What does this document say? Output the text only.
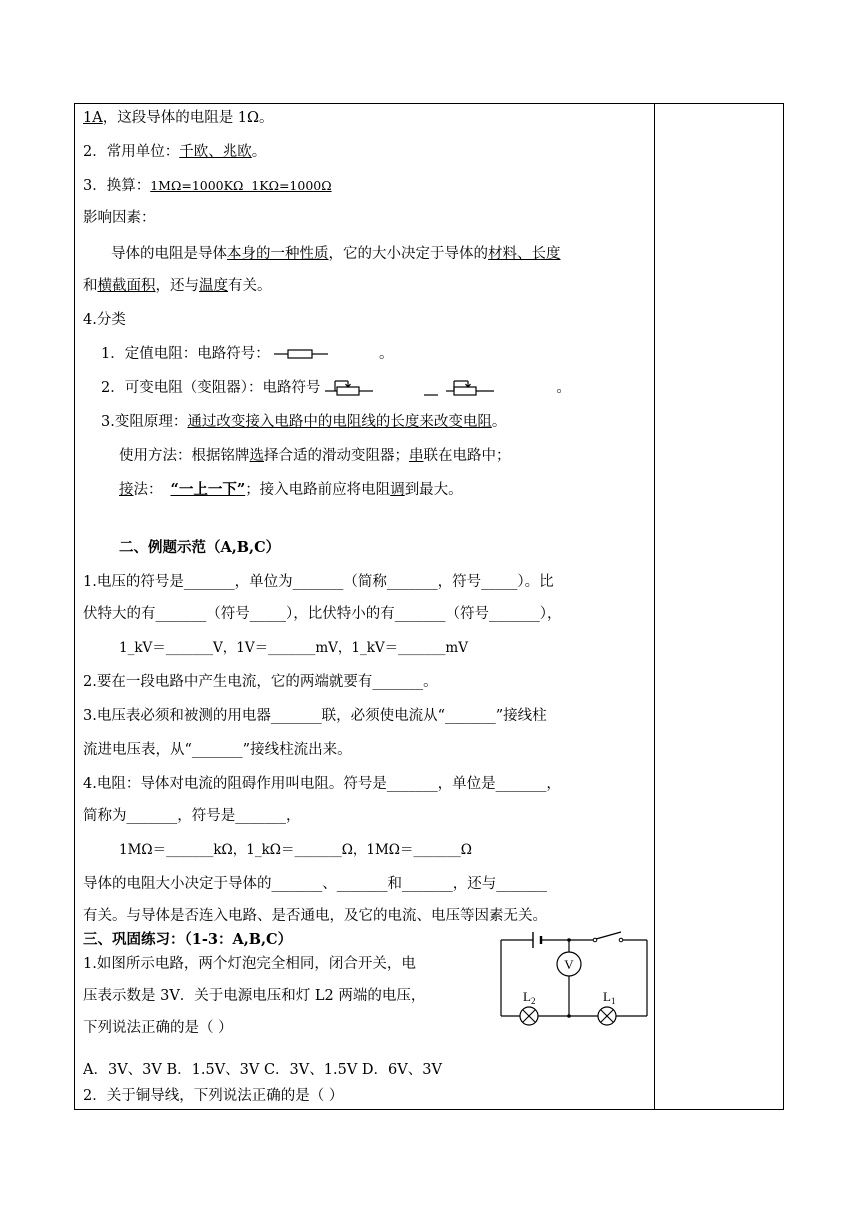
1A，这段导体的电阻是 1Ω。
2．常用单位：千欧、兆欧。
3．换算：1MΩ=1000KΩ  1KΩ=1000Ω
影响因素：
导体的电阻是导体本身的一种性质，它的大小决定于导体的材料、长度
和横截面积，还与温度有关。
4.分类
1．定值电阻：电路符号：	。
2．可变电阻（变阻器）：电路符号	。
3.变阻原理：通过改变接入电路中的电阻线的长度来改变电阻。
使用方法：根据铭牌选择合适的滑动变阻器；串联在电路中；
接法： “一上一下”；接入电路前应将电阻调到最大。
二、例题示范（A,B,C）
1.电压的符号是_______，单位为_______（简称_______，符号_____）。比
伏特大的有_______（符号_____），比伏特小的有_______（符号_______），
1_kV＝_______V，1V＝_______mV，1_kV＝_______mV
2.要在一段电路中产生电流，它的两端就要有_______。
3.电压表必须和被测的用电器_______联，必须使电流从“_______”接线柱
流进电压表，从“_______”接线柱流出来。
4.电阻：导体对电流的阻碍作用叫电阻。符号是_______，单位是_______，
简称为_______，符号是_______，
1MΩ＝_______kΩ，1_kΩ＝_______Ω，1MΩ＝_______Ω
导体的电阻大小决定于导体的_______、_______和_______，还与_______
有关。与导体是否连入电路、是否通电，及它的电流、电压等因素无关。
三、巩固练习：（1-3：A,B,C）
1.如图所示电路，两个灯泡完全相同，闭合开关，电
压表示数是 3V．关于电源电压和灯 L2 两端的电压，
下列说法正确的是（ ）
A．3V、3V B．1.5V、3V C．3V、1.5V D．6V、3V
2．关于铜导线，下列说法正确的是（ ）
V
$L_2$	$L_1$
